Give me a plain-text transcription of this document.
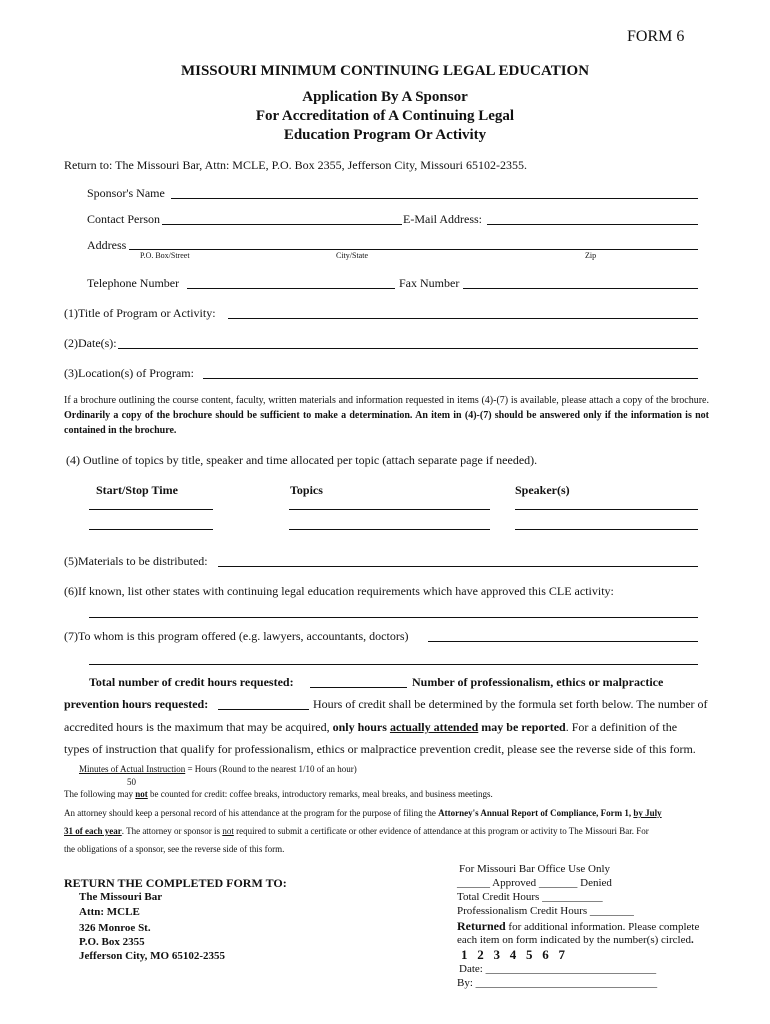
FORM 6
MISSOURI MINIMUM CONTINUING LEGAL EDUCATION
Application By A Sponsor
For Accreditation of A Continuing Legal
Education Program Or Activity
Return to: The Missouri Bar, Attn: MCLE, P.O. Box 2355, Jefferson City, Missouri 65102-2355.
Sponsor's Name
Contact Person	E-Mail Address:
Address
P.O. Box/Street	City/State	Zip
Telephone Number	Fax Number
(1)Title of Program or Activity:
(2)Date(s):
(3)Location(s) of Program:
If a brochure outlining the course content, faculty, written materials and information requested in items (4)-(7) is available, please attach a copy of the brochure. Ordinarily a copy of the brochure should be sufficient to make a determination. An item in (4)-(7) should be answered only if the information is not contained in the brochure.
(4) Outline of topics by title, speaker and time allocated per topic (attach separate page if needed).
Start/Stop Time	Topics	Speaker(s)
(5)Materials to be distributed:
(6)If known, list other states with continuing legal education requirements which have approved this CLE activity:
(7)To whom is this program offered (e.g. lawyers, accountants, doctors)
Total number of credit hours requested:	Number of professionalism, ethics or malpractice
prevention hours requested:	Hours of credit shall be determined by the formula set forth below. The number of
accredited hours is the maximum that may be acquired, only hours actually attended may be reported. For a definition of the
types of instruction that qualify for professionalism, ethics or malpractice prevention credit, please see the reverse side of this form.
Minutes of Actual Instruction = Hours (Round to the nearest 1/10 of an hour)
50
The following may not be counted for credit: coffee breaks, introductory remarks, meal breaks, and business meetings.
An attorney should keep a personal record of his attendance at the program for the purpose of filing the Attorney's Annual Report of Compliance, Form 1, by July
31 of each year. The attorney or sponsor is not required to submit a certificate or other evidence of attendance at this program or activity to The Missouri Bar. For
the obligations of a sponsor, see the reverse side of this form.
RETURN THE COMPLETED FORM TO:
The Missouri Bar
Attn: MCLE
326 Monroe St.
P.O. Box 2355
Jefferson City, MO 65102-2355
For Missouri Bar Office Use Only
______ Approved _______ Denied
Total Credit Hours ___________
Professionalism Credit Hours ________
Returned for additional information. Please complete
each item on form indicated by the number(s) circled.
1   2   3   4   5   6   7
Date: _______________________________
By: _________________________________
